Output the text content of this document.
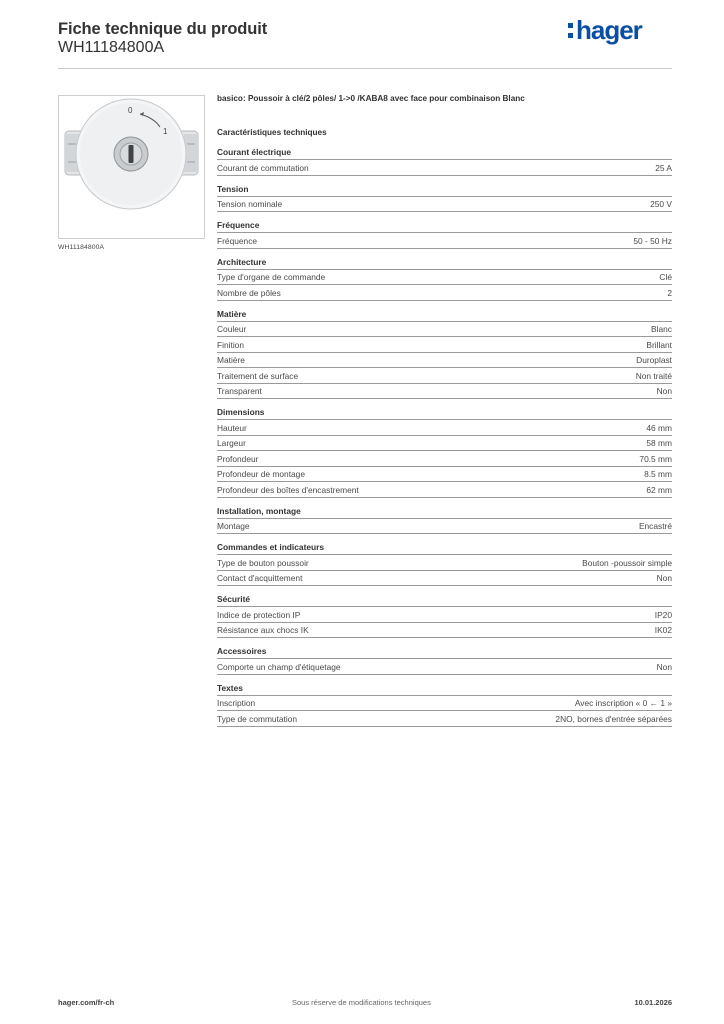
Fiche technique du produit
WH11184800A
hager
0
1
WH11184800A
basico: Poussoir à clé/2 pôles/ 1->0 /KABA8 avec face pour combinaison Blanc
Caractéristiques techniques
Courant électrique
Courant de commutation	25 A
Tension
Tension nominale	250 V
Fréquence
Fréquence	50 - 50 Hz
Architecture
Type d'organe de commande	Clé
Nombre de pôles	2
Matière
Couleur	Blanc
Finition	Brillant
Matière	Duroplast
Traitement de surface	Non traité
Transparent	Non
Dimensions
Hauteur	46 mm
Largeur	58 mm
Profondeur	70.5 mm
Profondeur de montage	8.5 mm
Profondeur des boîtes d'encastrement	62 mm
Installation, montage
Montage	Encastré
Commandes et indicateurs
Type de bouton poussoir	Bouton -poussoir simple
Contact d'acquittement	Non
Sécurité
Indice de protection IP	IP20
Résistance aux chocs IK	IK02
Accessoires
Comporte un champ d'étiquetage	Non
Textes
Inscription	Avec inscription « 0 ← 1 »
Type de commutation	2NO, bornes d'entrée séparées
hager.com/fr-ch	Sous réserve de modifications techniques	10.01.2026
